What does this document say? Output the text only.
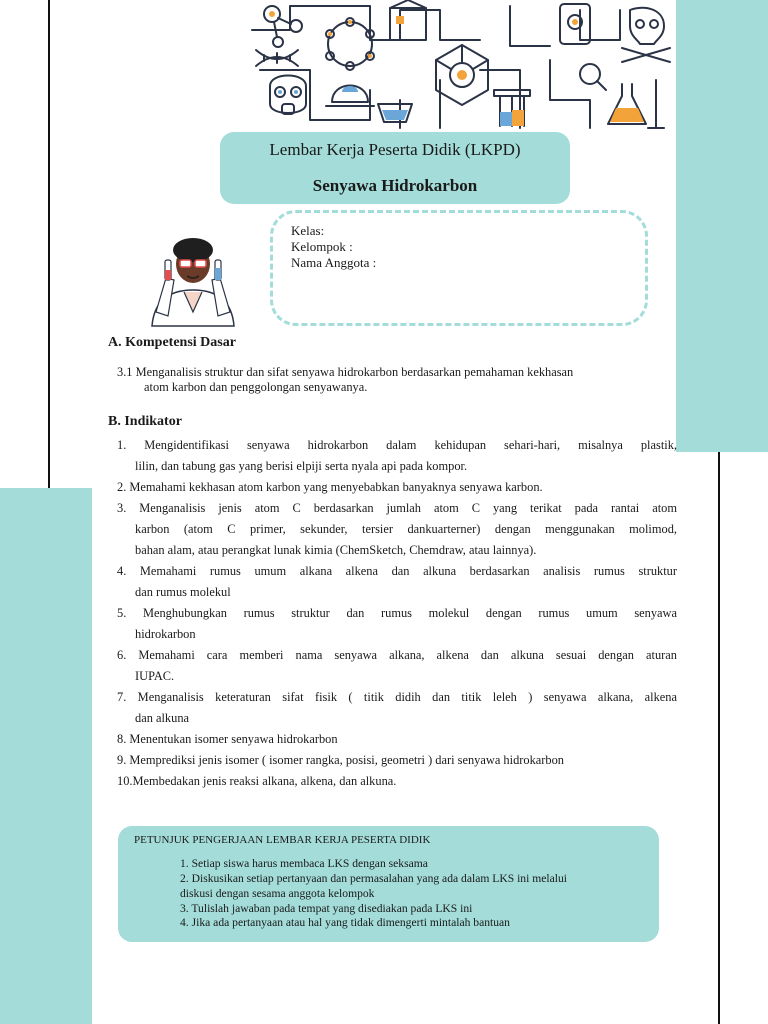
Lembar Kerja Peserta Didik (LKPD)
Senyawa Hidrokarbon
Kelas:
Kelompok :
Nama Anggota :
A. Kompetensi Dasar
3.1 Menganalisis struktur dan sifat senyawa hidrokarbon berdasarkan pemahaman kekhasan
atom karbon dan penggolongan senyawanya.
B. Indikator
1. Mengidentifikasi senyawa hidrokarbon dalam kehidupan sehari-hari, misalnya plastik,
lilin, dan tabung gas yang berisi elpiji serta nyala api pada kompor.
2. Memahami kekhasan atom karbon yang menyebabkan banyaknya senyawa karbon.
3. Menganalisis jenis atom C berdasarkan jumlah atom C yang terikat pada rantai atom
karbon (atom C primer, sekunder, tersier dankuarterner) dengan menggunakan molimod,
bahan alam, atau perangkat lunak kimia (ChemSketch, Chemdraw, atau lainnya).
4. Memahami rumus umum alkana alkena dan alkuna berdasarkan analisis rumus struktur
dan rumus molekul
5. Menghubungkan rumus struktur dan rumus molekul dengan rumus umum senyawa
hidrokarbon
6. Memahami cara memberi nama senyawa alkana, alkena dan alkuna sesuai dengan aturan
IUPAC.
7. Menganalisis keteraturan sifat fisik ( titik didih dan titik leleh ) senyawa alkana, alkena
dan alkuna
8. Menentukan isomer senyawa hidrokarbon
9. Memprediksi jenis isomer ( isomer rangka, posisi, geometri ) dari senyawa hidrokarbon
10.Membedakan jenis reaksi alkana, alkena, dan alkuna.
PETUNJUK PENGERJAAN LEMBAR KERJA PESERTA DIDIK
1. Setiap siswa harus membaca LKS dengan seksama
2. Diskusikan setiap pertanyaan dan permasalahan yang ada dalam LKS ini melalui
diskusi dengan sesama anggota kelompok
3. Tulislah jawaban pada tempat yang disediakan pada LKS ini
4. Jika ada pertanyaan atau hal yang tidak dimengerti mintalah bantuan
